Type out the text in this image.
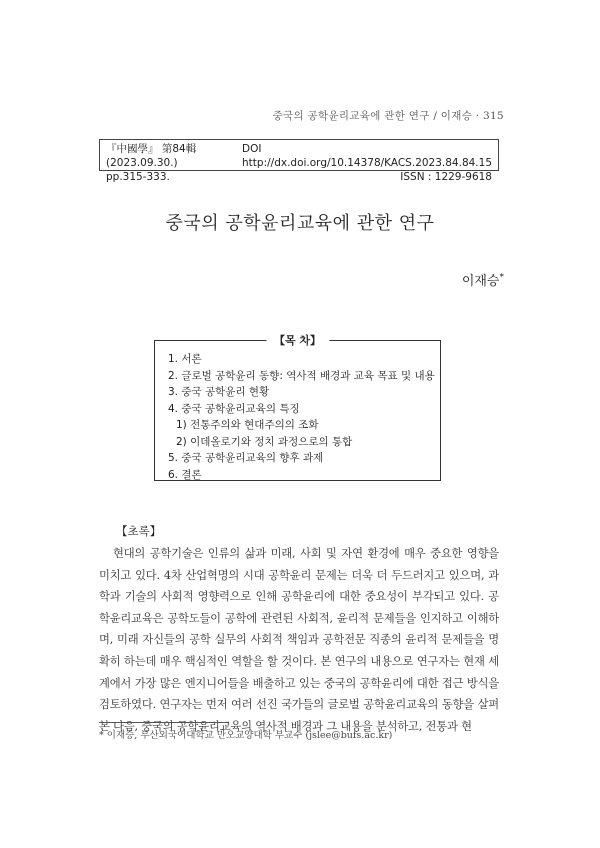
중국의 공학윤리교육에 관한 연구 / 이재승 · 315
『中國學』 第84輯 (2023.09.30.)
DOI http://dx.doi.org/10.14378/KACS.2023.84.84.15
pp.315-333.	ISSN : 1229-9618
중국의 공학윤리교육에 관한 연구
이재승*
【목 차】
1. 서론
2. 글로벌 공학윤리 동향: 역사적 배경과 교육 목표 및 내용
3. 중국 공학윤리 현황
4. 중국 공학윤리교육의 특징
1) 전통주의와 현대주의의 조화
2) 이데올로기와 정치 과정으로의 통합
5. 중국 공학윤리교육의 향후 과제
6. 결론
【초록】
현대의 공학기술은 인류의 삶과 미래, 사회 및 자연 환경에 매우 중요한 영향을 미치고 있다. 4차 산업혁명의 시대 공학윤리 문제는 더욱 더 두드러지고 있으며, 과학과 기술의 사회적 영향력으로 인해 공학윤리에 대한 중요성이 부각되고 있다. 공학윤리교육은 공학도들이 공학에 관련된 사회적, 윤리적 문제들을 인지하고 이해하며, 미래 자신들의 공학 실무의 사회적 책임과 공학전문 직종의 윤리적 문제들을 명확히 하는데 매우 핵심적인 역할을 할 것이다. 본 연구의 내용으로 연구자는 현재 세계에서 가장 많은 엔지니어들을 배출하고 있는 중국의 공학윤리에 대한 접근 방식을 검토하였다. 연구자는 먼저 여러 선진 국가들의 글로벌 공학윤리교육의 동향을 살펴본 다음, 중국의 공학윤리교육의 역사적 배경과 그 내용을 분석하고, 전통과 현
* 이재승, 부산외국어대학교 만오교양대학 부교수 (jslee@bufs.ac.kr)
